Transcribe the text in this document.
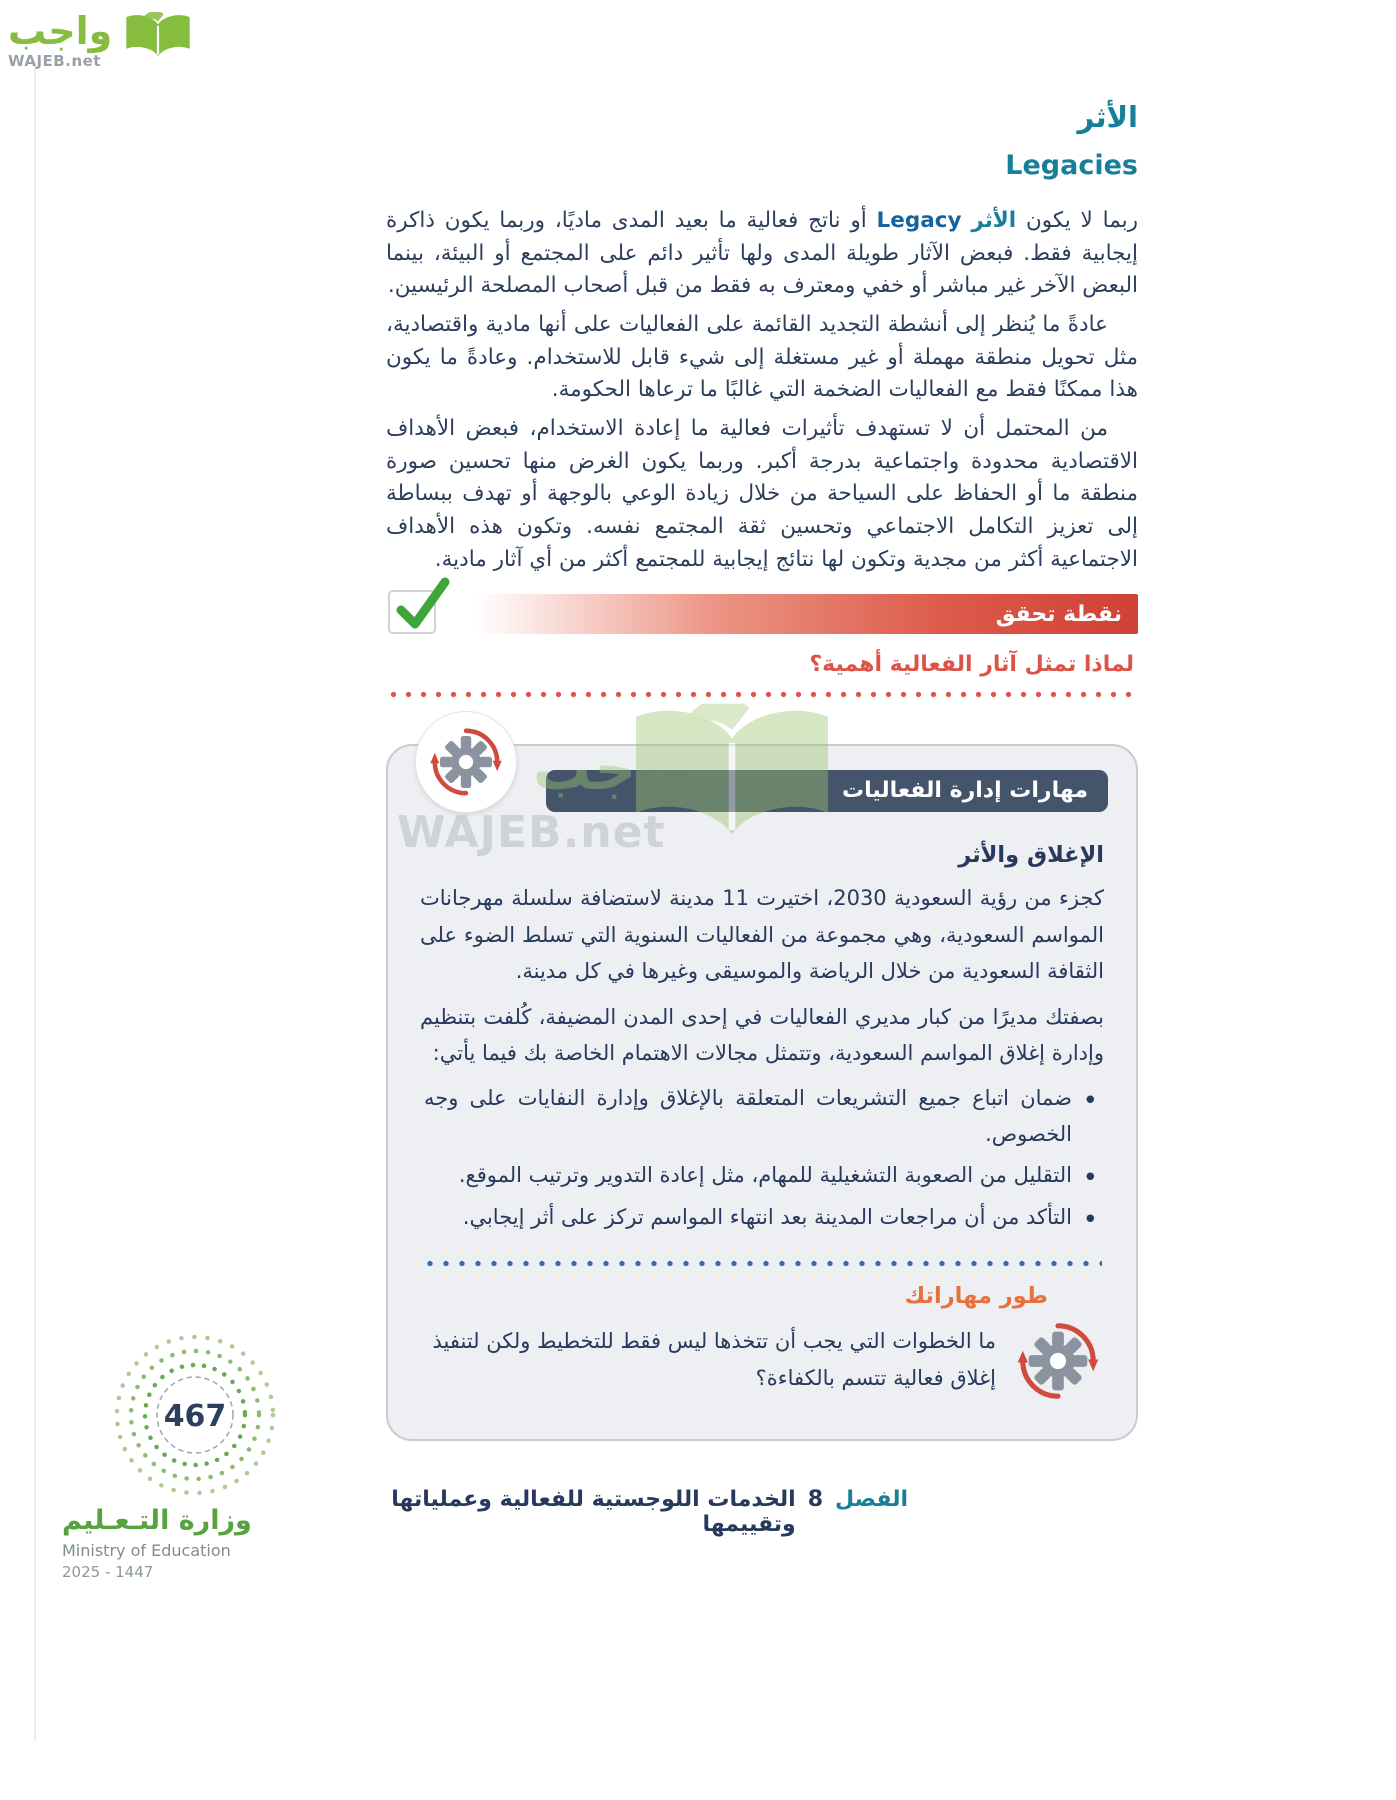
واجب
WAJEB.net
الأثر
Legacies

ربما لا يكون الأثر Legacy أو ناتج فعالية ما بعيد المدى ماديًا، وربما يكون ذاكرة إيجابية فقط. فبعض الآثار طويلة المدى ولها تأثير دائم على المجتمع أو البيئة، بينما البعض الآخر غير مباشر أو خفي ومعترف به فقط من قبل أصحاب المصلحة الرئيسين.

عادةً ما يُنظر إلى أنشطة التجديد القائمة على الفعاليات على أنها مادية واقتصادية، مثل تحويل منطقة مهملة أو غير مستغلة إلى شيء قابل للاستخدام. وعادةً ما يكون هذا ممكنًا فقط مع الفعاليات الضخمة التي غالبًا ما ترعاها الحكومة.

من المحتمل أن لا تستهدف تأثيرات فعالية ما إعادة الاستخدام، فبعض الأهداف الاقتصادية محدودة واجتماعية بدرجة أكبر. وربما يكون الغرض منها تحسين صورة منطقة ما أو الحفاظ على السياحة من خلال زيادة الوعي بالوجهة أو تهدف ببساطة إلى تعزيز التكامل الاجتماعي وتحسين ثقة المجتمع نفسه. وتكون هذه الأهداف الاجتماعية أكثر من مجدية وتكون لها نتائج إيجابية للمجتمع أكثر من أي آثار مادية.

نقطة تحقق
لماذا تمثل آثار الفعالية أهمية؟
مهارات إدارة الفعاليات
الإغلاق والأثر

كجزء من رؤية السعودية 2030، اختيرت 11 مدينة لاستضافة سلسلة مهرجانات المواسم السعودية، وهي مجموعة من الفعاليات السنوية التي تسلط الضوء على الثقافة السعودية من خلال الرياضة والموسيقى وغيرها في كل مدينة.

بصفتك مديرًا من كبار مديري الفعاليات في إحدى المدن المضيفة، كُلفت بتنظيم وإدارة إغلاق المواسم السعودية، وتتمثل مجالات الاهتمام الخاصة بك فيما يأتي:

• ضمان اتباع جميع التشريعات المتعلقة بالإغلاق وإدارة النفايات على وجه الخصوص.
• التقليل من الصعوبة التشغيلية للمهام، مثل إعادة التدوير وترتيب الموقع.
• التأكد من أن مراجعات المدينة بعد انتهاء المواسم تركز على أثر إيجابي.
طور مهاراتك
ما الخطوات التي يجب أن تتخذها ليس فقط للتخطيط ولكن لتنفيذ إغلاق فعالية تتسم بالكفاءة؟
الفصل
8
الخدمات اللوجستية للفعالية وعملياتها وتقييمها
واجب
WAJEB.net
467
وزارة التـعـليم
Ministry of Education
2025 - 1447
